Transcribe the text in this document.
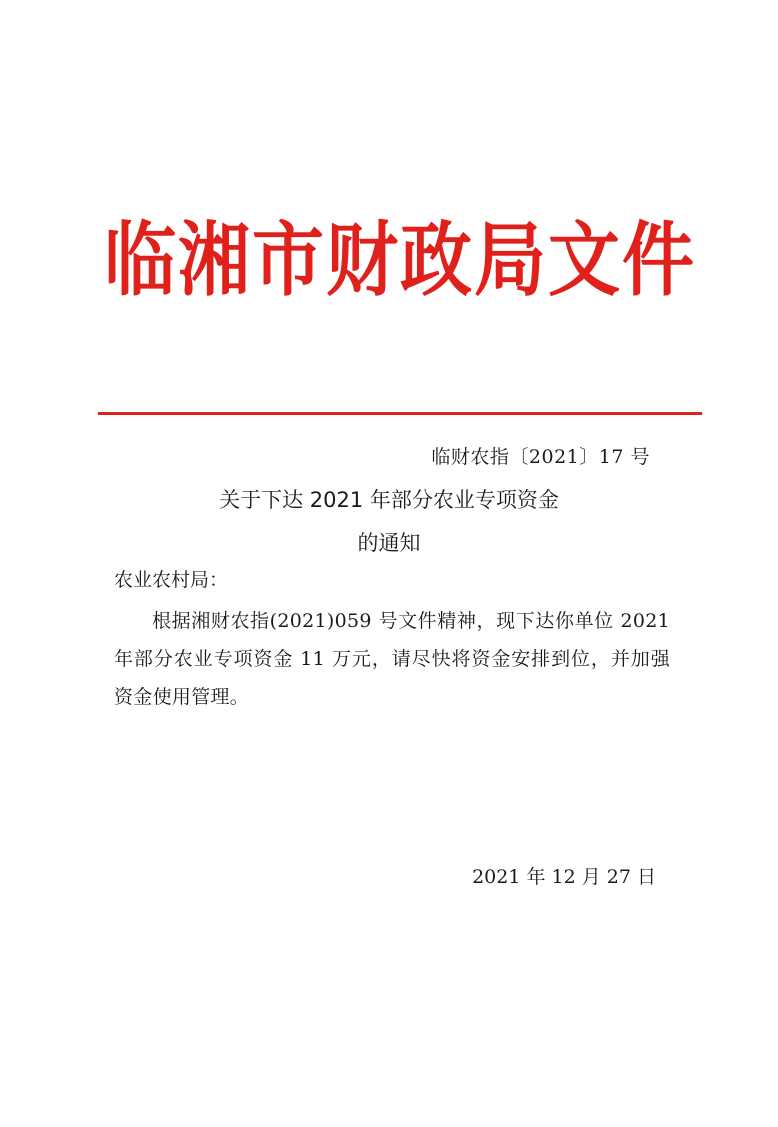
临湘市财政局文件
临财农指〔2021〕17 号
关于下达 2021 年部分农业专项资金
的通知
农业农村局：
根据湘财农指(2021)059 号文件精神，现下达你单位 2021 年部分农业专项资金 11 万元，请尽快将资金安排到位，并加强资金使用管理。
2021 年 12 月 27 日
